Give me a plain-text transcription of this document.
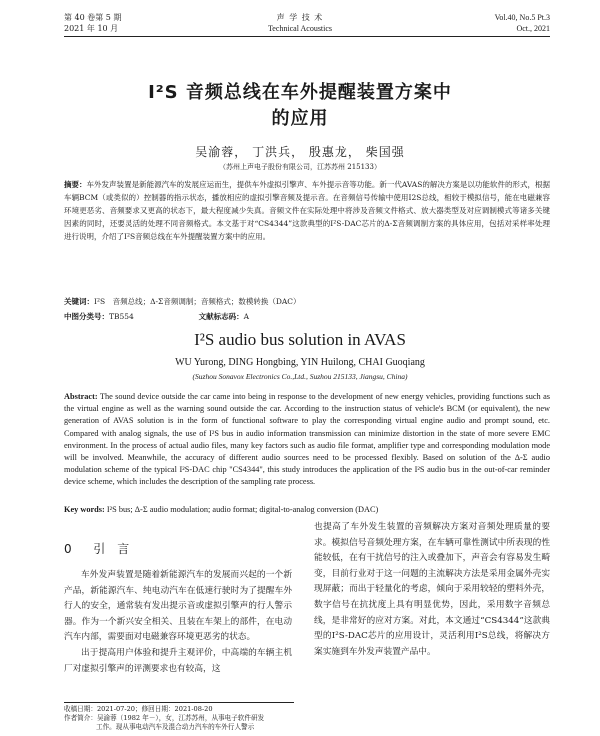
第 40 卷第 5 期
2021 年 10 月
声 学 技 术
Technical Acoustics
Vol.40, No.5 Pt.3
Oct., 2021
I²S 音频总线在车外提醒装置方案中
的应用
吴渝蓉， 丁洪兵， 殷惠龙， 柴国强
（苏州上声电子股份有限公司，江苏苏州 215133）
摘要：车外发声装置是新能源汽车的发展应运而生，提供车外虚拟引擎声、车外提示音等功能。新一代AVAS的解决方案是以功能软件的形式，根据车辆BCM（或类似的）控制器的指示状态，播放相应的虚拟引擎音频及提示音。在音频信号传输中使用I2S总线，相较于模拟信号，能在电磁兼容环境更恶劣、音频要求又更高的状态下，最大程度减少失真。音频文件在实际处理中将涉及音频文件格式、放大器类型及对应调制模式等诸多关键因素的同时，还要灵活的处理不同音频格式。本文基于对“CS4344”这款典型的I²S-DAC芯片的Δ-Σ音频调制方案的具体应用，包括对采样率处理进行说明，介绍了I²S音频总线在车外提醒装置方案中的应用。
关键词：I²S　音频总线；Δ-Σ音频调制；音频格式；数模转换（DAC）
中图分类号：TB554	文献标志码：A
I²S audio bus solution in AVAS
WU Yurong, DING Hongbing, YIN Huilong, CHAI Guoqiang
(Suzhou Sonavox Electronics Co.,Ltd., Suzhou 215133, Jiangsu, China)
Abstract: The sound device outside the car came into being in response to the development of new energy vehicles, providing functions such as the virtual engine as well as the warning sound outside the car. According to the instruction status of vehicle's BCM (or equivalent), the new generation of AVAS solution is in the form of functional software to play the corresponding virtual engine audio and prompt sound, etc. Compared with analog signals, the use of I²S bus in audio information transmission can minimize distortion in the state of more severe EMC environment. In the process of actual audio files, many key factors such as audio file format, amplifier type and corresponding modulation mode will be involved. Meanwhile, the accuracy of different audio sources need to be processed flexibly. Based on solution of the Δ-Σ audio modulation scheme of the typical I²S-DAC chip "CS4344", this study introduces the application of the I²S audio bus in the out-of-car reminder device scheme, which includes the description of the sampling rate process.
Key words: I²S bus; Δ-Σ audio modulation; audio format; digital-to-analog conversion (DAC)
0 引　言
车外发声装置是随着新能源汽车的发展而兴起的一个新产品，新能源汽车、纯电动汽车在低速行驶时为了提醒车外行人的安全，通常装有发出提示音或虚拟引擎声的行人警示器。作为一个新兴安全相关、且装在车架上的部件，在电动汽车内部，需要面对电磁兼容环境更恶劣的状态。
出于提高用户体验和提升主观评价，中高端的车辆主机厂对虚拟引擎声的评测要求也有较高，这
也提高了车外发生装置的音频解决方案对音频处理质量的要求。模拟信号音频处理方案，在车辆可靠性测试中所表现的性能较低，在有干扰信号的注入或叠加下，声音会有容易发生畸变，目前行业对于这一问题的主流解决方法是采用金属外壳实现屏蔽；而出于轻量化的考虑，倾向于采用较轻的塑料外壳，数字信号在抗扰度上具有明显优势，因此，采用数字音频总线，是非常好的应对方案。对此，本文通过“CS4344”这款典型的I²S-DAC芯片的应用设计，灵活利用I²S总线，将解决方案实施到车外发声装置产品中。
收稿日期：2021-07-20；修回日期：2021-08-20
作者简介：吴渝蓉（1982 年－），女，江苏苏州，从事电子软件研发
工作。现从事电动汽车及混合动力汽车的车外行人警示
